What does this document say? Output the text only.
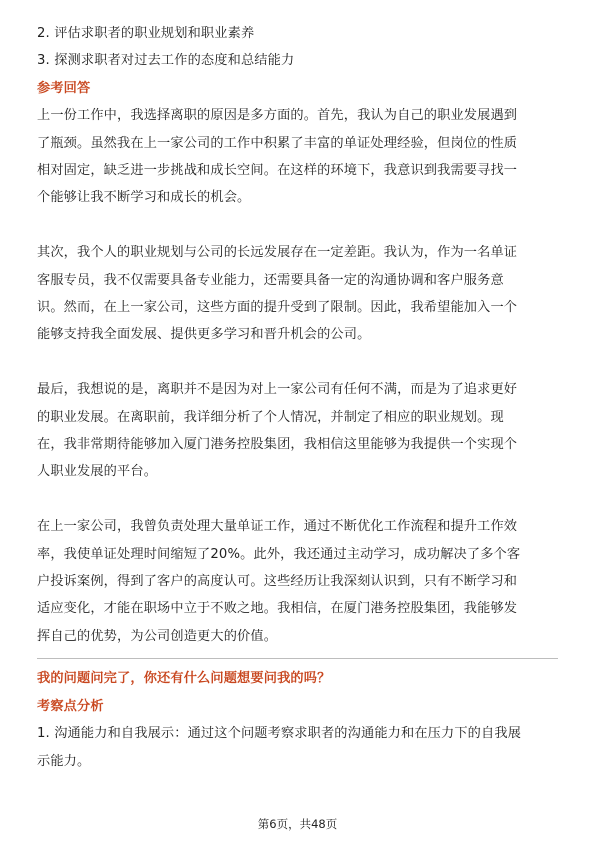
2. 评估求职者的职业规划和职业素养
3. 探测求职者对过去工作的态度和总结能力
参考回答
上一份工作中，我选择离职的原因是多方面的。首先，我认为自己的职业发展遇到
了瓶颈。虽然我在上一家公司的工作中积累了丰富的单证处理经验，但岗位的性质
相对固定，缺乏进一步挑战和成长空间。在这样的环境下，我意识到我需要寻找一
个能够让我不断学习和成长的机会。
其次，我个人的职业规划与公司的长远发展存在一定差距。我认为，作为一名单证
客服专员，我不仅需要具备专业能力，还需要具备一定的沟通协调和客户服务意
识。然而，在上一家公司，这些方面的提升受到了限制。因此，我希望能加入一个
能够支持我全面发展、提供更多学习和晋升机会的公司。
最后，我想说的是，离职并不是因为对上一家公司有任何不满，而是为了追求更好
的职业发展。在离职前，我详细分析了个人情况，并制定了相应的职业规划。现
在，我非常期待能够加入厦门港务控股集团，我相信这里能够为我提供一个实现个
人职业发展的平台。
在上一家公司，我曾负责处理大量单证工作，通过不断优化工作流程和提升工作效
率，我使单证处理时间缩短了20%。此外，我还通过主动学习，成功解决了多个客
户投诉案例，得到了客户的高度认可。这些经历让我深刻认识到，只有不断学习和
适应变化，才能在职场中立于不败之地。我相信，在厦门港务控股集团，我能够发
挥自己的优势，为公司创造更大的价值。
我的问题问完了，你还有什么问题想要问我的吗？
考察点分析
1. 沟通能力和自我展示：通过这个问题考察求职者的沟通能力和在压力下的自我展
示能力。
第6页，共48页
